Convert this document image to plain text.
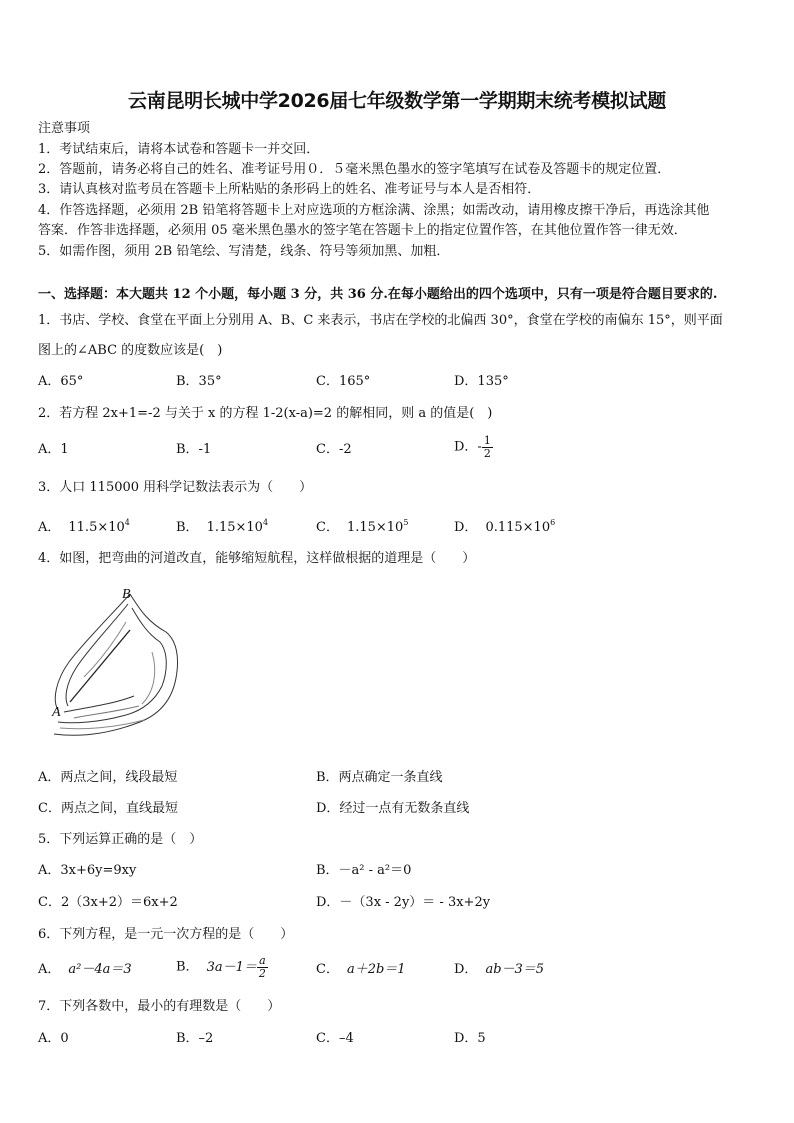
云南昆明长城中学2026届七年级数学第一学期期末统考模拟试题
注意事项
1．考试结束后，请将本试卷和答题卡一并交回．
2．答题前，请务必将自己的姓名、准考证号用０．５毫米黑色墨水的签字笔填写在试卷及答题卡的规定位置．
3．请认真核对监考员在答题卡上所粘贴的条形码上的姓名、准考证号与本人是否相符．
4．作答选择题，必须用 2B 铅笔将答题卡上对应选项的方框涂满、涂黑；如需改动，请用橡皮擦干净后，再选涂其他
答案．作答非选择题，必须用 05 毫米黑色墨水的签字笔在答题卡上的指定位置作答，在其他位置作答一律无效．
5．如需作图，须用 2B 铅笔绘、写清楚，线条、符号等须加黑、加粗．
一、选择题：本大题共 12 个小题，每小题 3 分，共 36 分.在每小题给出的四个选项中，只有一项是符合题目要求的.
1．书店、学校、食堂在平面上分别用 A、B、C 来表示，书店在学校的北偏西 30°，食堂在学校的南偏东 15°，则平面
图上的∠ABC 的度数应该是(　)
A．65°	B．35°	C．165°	D．135°
2．若方程 2x+1=-2 与关于 x 的方程 1-2(x-a)=2 的解相同，则 a 的值是(　)
A．1	B．-1	C．-2	D．- $\frac{1}{2}$
3．人口 115000 用科学记数法表示为（　　）
A． $11.5\times 10^4$	B． $1.15\times 10^4$	C． $1.15\times 10^5$	D． $0.115\times 10^6$
4．如图，把弯曲的河道改直，能够缩短航程，这样做根据的道理是（　　）
B
A
A．两点之间，线段最短	B．两点确定一条直线
C．两点之间，直线最短	D．经过一点有无数条直线
5．下列运算正确的是（　）
A．3x+6y=9xy	B．－a² - a²＝0
C．2（3x+2）＝6x+2	D．－（3x - 2y）＝ - 3x+2y
6．下列方程，是一元一次方程的是（　　）
A． a²－4a＝3	B． $3a-1= \frac{a}{2}$	C． a＋2b＝1	D． ab－3＝5
7．下列各数中，最小的有理数是（　　）
A．0	B．–2	C．–4	D．5
